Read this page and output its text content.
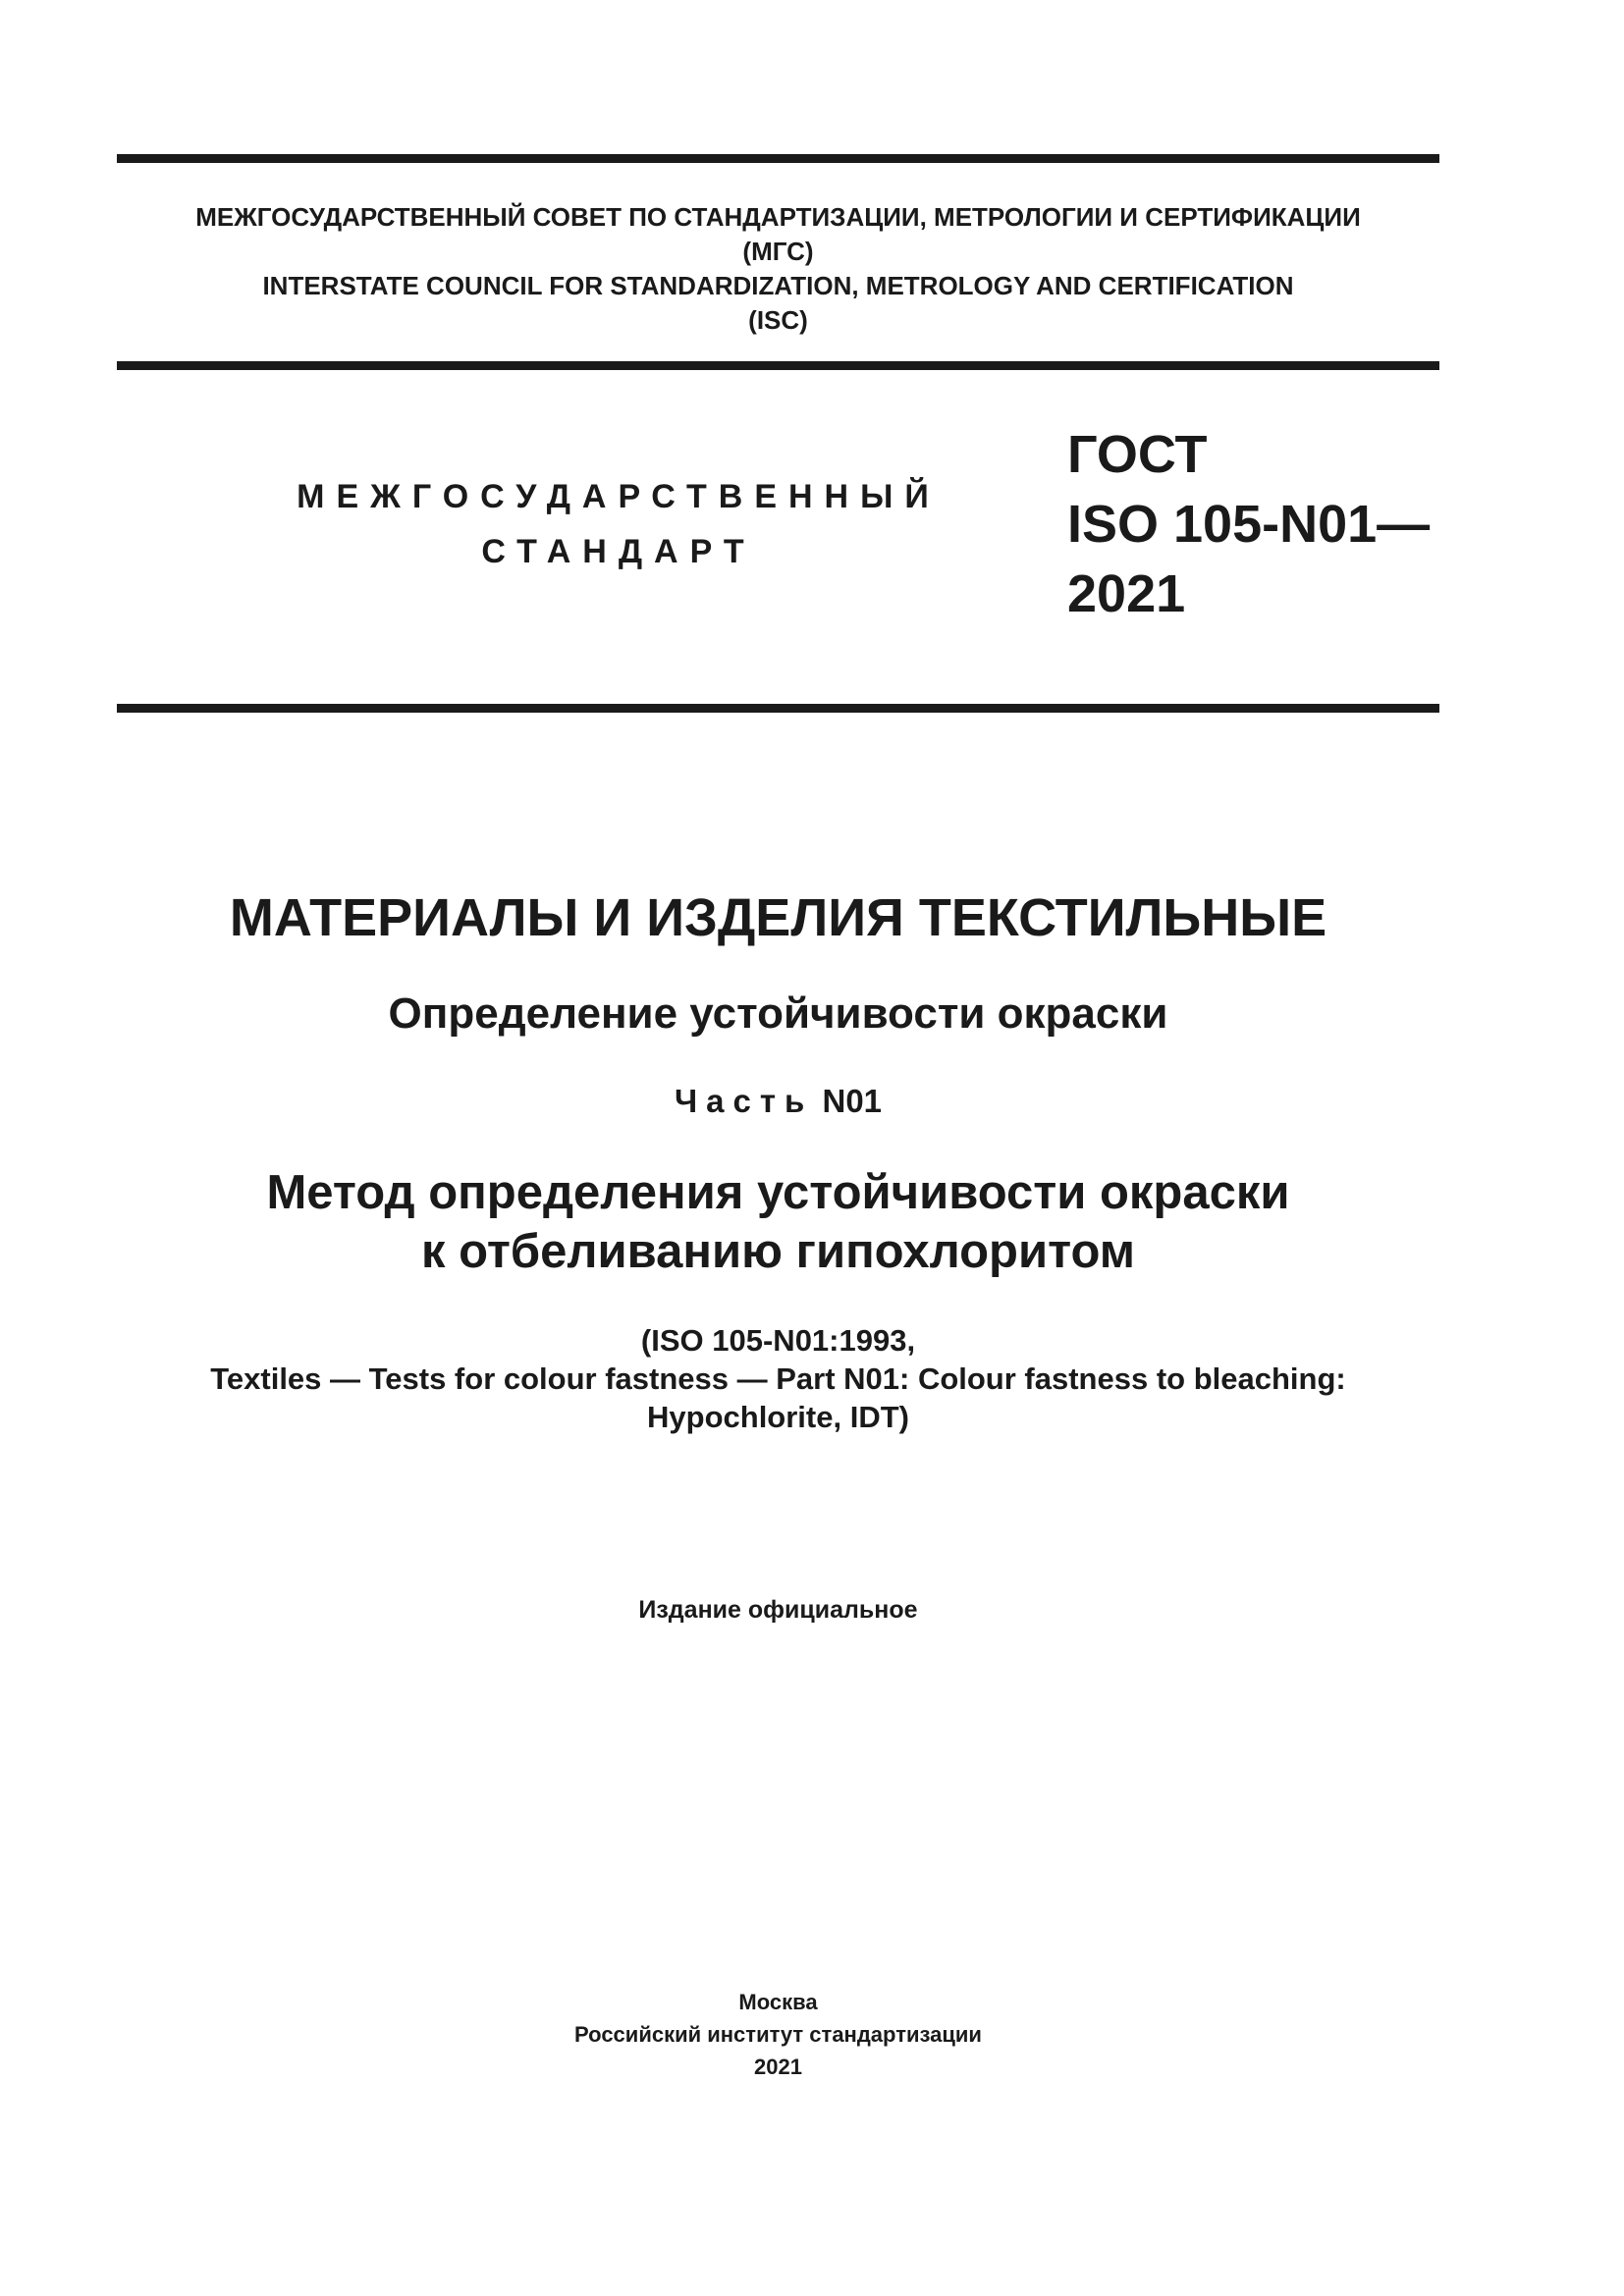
МЕЖГОСУДАРСТВЕННЫЙ СОВЕТ ПО СТАНДАРТИЗАЦИИ, МЕТРОЛОГИИ И СЕРТИФИКАЦИИ
(МГС)
INTERSTATE COUNCIL FOR STANDARDIZATION, METROLOGY AND CERTIFICATION
(ISC)
МЕЖГОСУДАРСТВЕННЫЙ
СТАНДАРТ
ГОСТ
ISO 105-N01—
2021
МАТЕРИАЛЫ И ИЗДЕЛИЯ ТЕКСТИЛЬНЫЕ
Определение устойчивости окраски
Часть N01
Метод определения устойчивости окраски
к отбеливанию гипохлоритом
(ISO 105-N01:1993,
Textiles — Tests for colour fastness — Part N01: Colour fastness to bleaching:
Hypochlorite, IDT)
Издание официальное
Москва
Российский институт стандартизации
2021
